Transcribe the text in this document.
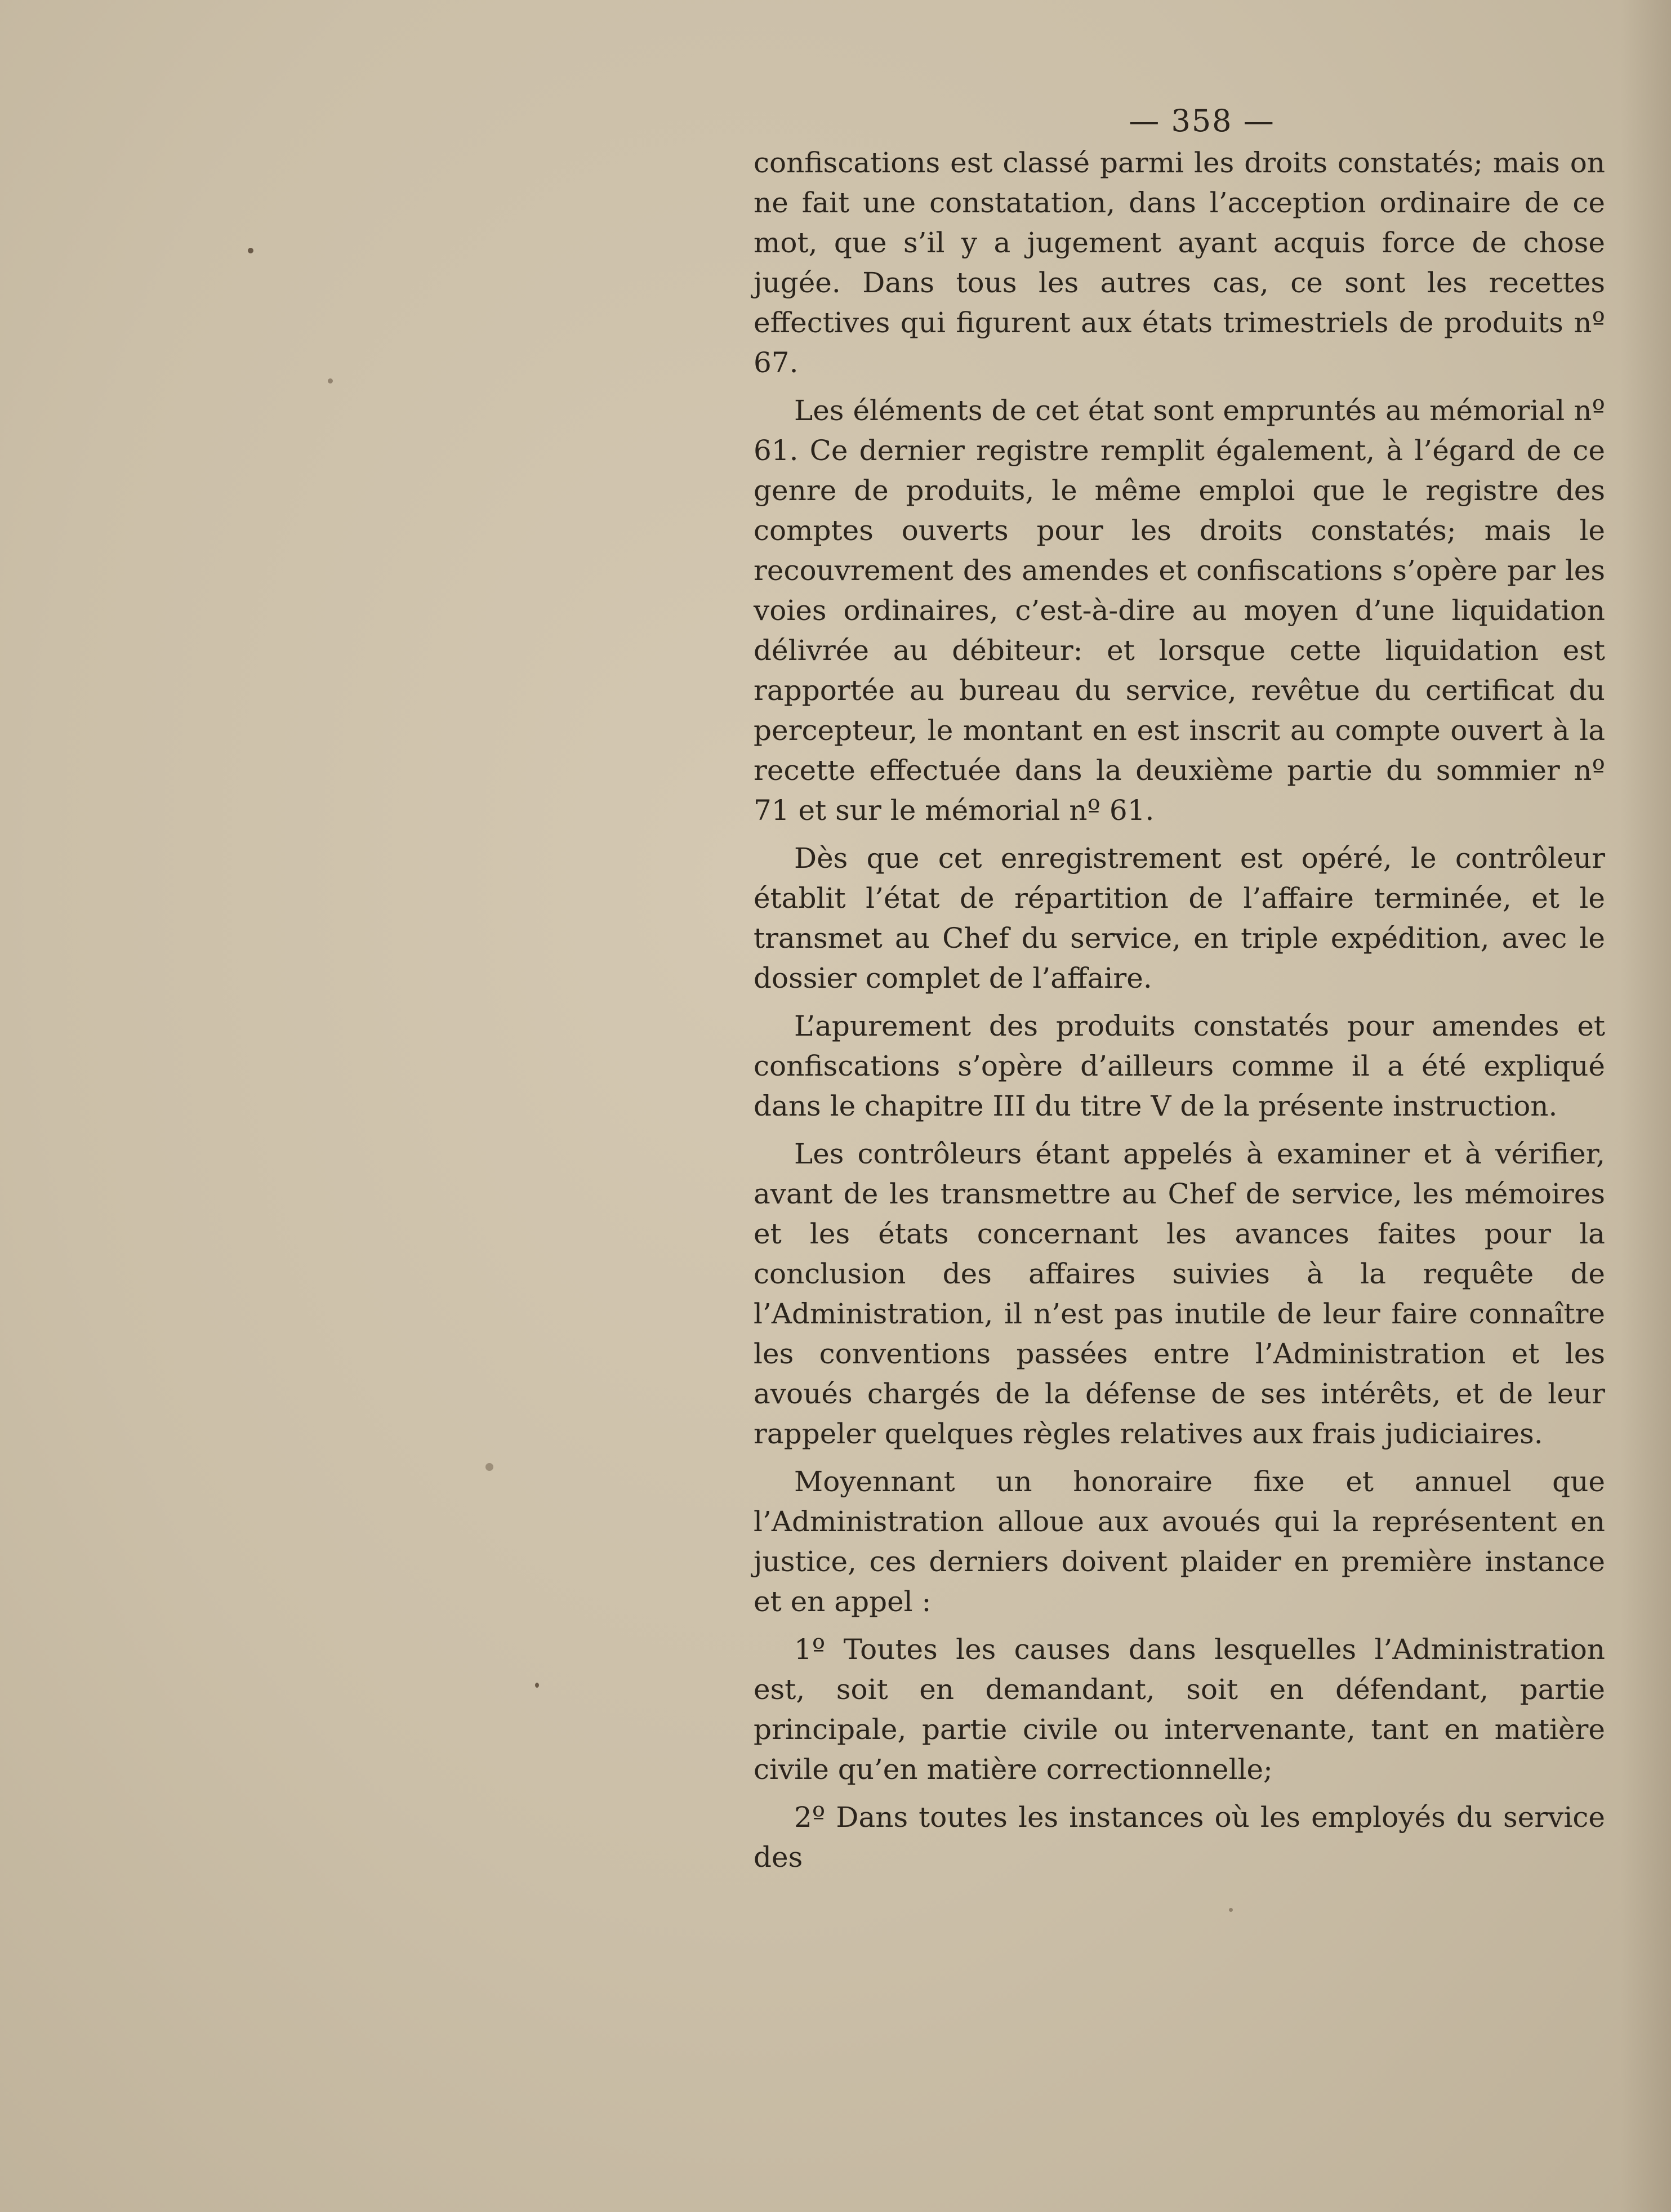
— 358 —

confiscations est classé parmi les droits constatés; mais on ne fait une constatation, dans l’acception ordinaire de ce mot, que s’il y a jugement ayant acquis force de chose jugée. Dans tous les autres cas, ce sont les recettes effectives qui figurent aux états trimestriels de produits nº 67.

Les éléments de cet état sont empruntés au mémorial nº 61. Ce dernier registre remplit également, à l’égard de ce genre de produits, le même emploi que le registre des comptes ouverts pour les droits constatés; mais le recouvrement des amendes et confiscations s’opère par les voies ordinaires, c’est-à-dire au moyen d’une liquidation délivrée au débiteur: et lorsque cette liquidation est rapportée au bureau du service, revêtue du certificat du percepteur, le montant en est inscrit au compte ouvert à la recette effectuée dans la deuxième partie du sommier nº 71 et sur le mémorial nº 61.

Dès que cet enregistrement est opéré, le contrôleur établit l’état de répartition de l’affaire terminée, et le transmet au Chef du service, en triple expédition, avec le dossier complet de l’affaire.

L’apurement des produits constatés pour amendes et confiscations s’opère d’ailleurs comme il a été expliqué dans le chapitre III du titre V de la présente instruction.

Les contrôleurs étant appelés à examiner et à vérifier, avant de les transmettre au Chef de service, les mémoires et les états concernant les avances faites pour la conclusion des affaires suivies à la requête de l’Administration, il n’est pas inutile de leur faire connaître les conventions passées entre l’Administration et les avoués chargés de la défense de ses intérêts, et de leur rappeler quelques règles relatives aux frais judiciaires.

Moyennant un honoraire fixe et annuel que l’Administration alloue aux avoués qui la représentent en justice, ces derniers doivent plaider en première instance et en appel :

1º Toutes les causes dans lesquelles l’Administration est, soit en demandant, soit en défendant, partie principale, partie civile ou intervenante, tant en matière civile qu’en matière correctionnelle;

2º Dans toutes les instances où les employés du service des
